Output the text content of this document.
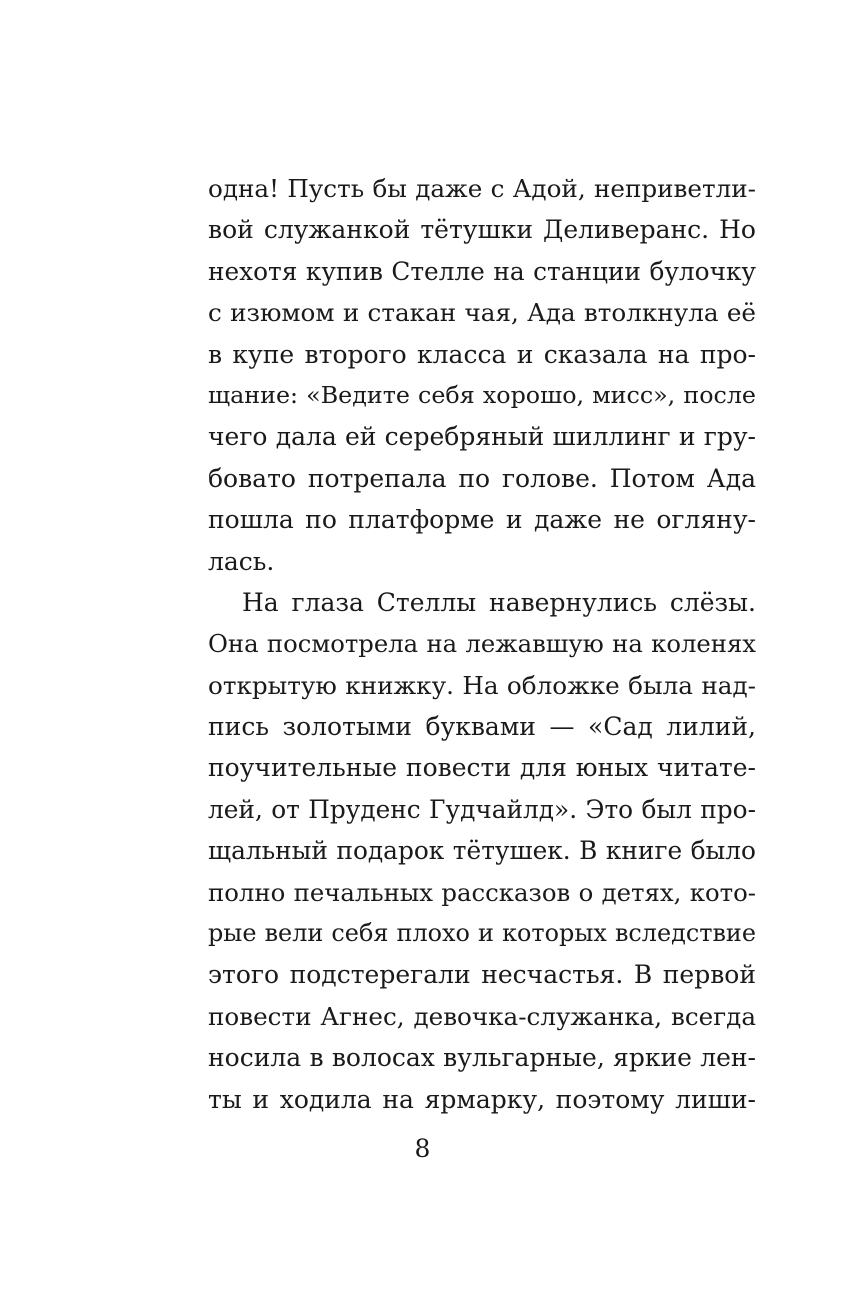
одна! Пусть бы даже с Адой, неприветли-
вой служанкой тётушки Деливеранс. Но
нехотя купив Стелле на станции булочку
с изюмом и стакан чая, Ада втолкнула её
в купе второго класса и сказала на про-
щание: «Ведите себя хорошо, мисс», после
чего дала ей серебряный шиллинг и гру-
бовато потрепала по голове. Потом Ада
пошла по платформе и даже не огляну-
лась.
На глаза Стеллы навернулись слёзы.
Она посмотрела на лежавшую на коленях
открытую книжку. На обложке была над-
пись золотыми буквами — «Сад лилий,
поучительные повести для юных читате-
лей, от Пруденс Гудчайлд». Это был про-
щальный подарок тётушек. В книге было
полно печальных рассказов о детях, кото-
рые вели себя плохо и которых вследствие
этого подстерегали несчастья. В первой
повести Агнес, девочка-служанка, всегда
носила в волосах вульгарные, яркие лен-
ты и ходила на ярмарку, поэтому лиши-
8
